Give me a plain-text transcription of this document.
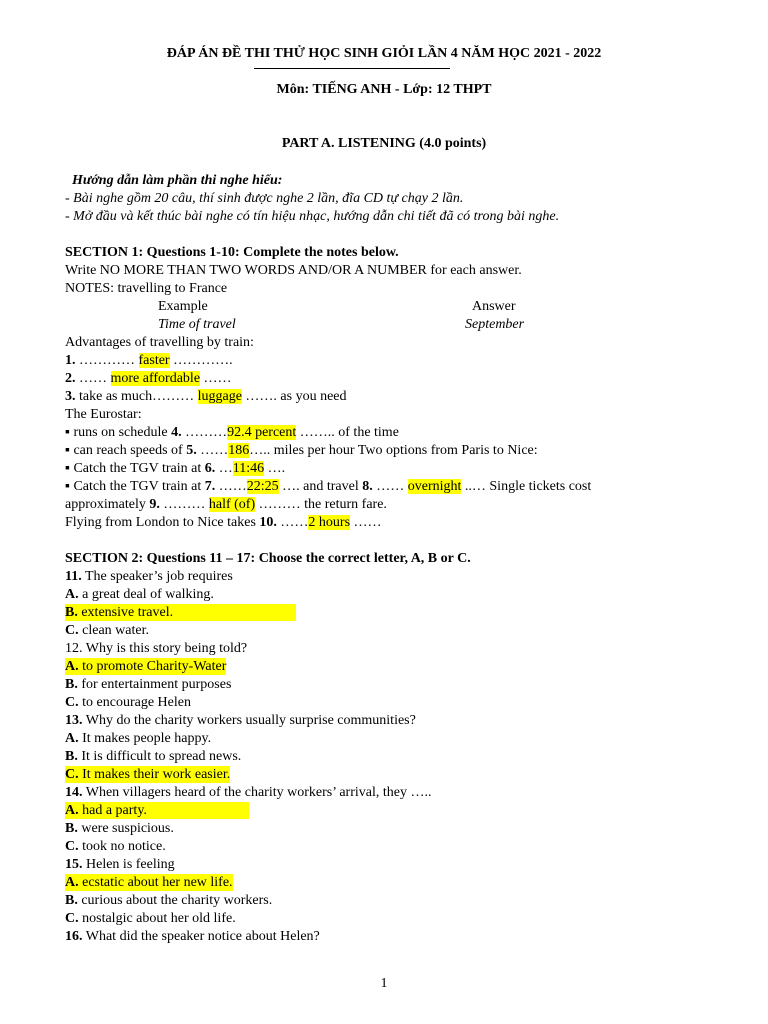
ĐÁP ÁN ĐỀ THI THỬ HỌC SINH GIỎI LẦN 4 NĂM HỌC 2021 - 2022
Môn: TIẾNG ANH - Lớp: 12 THPT
PART A. LISTENING (4.0 points)
Hướng dẫn làm phần thi nghe hiểu:
- Bài nghe gồm 20 câu, thí sinh được nghe 2 lần, đĩa CD tự chạy 2 lần.
- Mở đầu và kết thúc bài nghe có tín hiệu nhạc, hướng dẫn chi tiết đã có trong bài nghe.
SECTION 1: Questions 1-10: Complete the notes below.
Write NO MORE THAN TWO WORDS AND/OR A NUMBER for each answer.
NOTES: travelling to France
Example	Answer
Time of travel	September
Advantages of travelling by train:
1. ………… faster ………….
2. …… more affordable ……
3. take as much……… luggage ……. as you need
The Eurostar:
▪ runs on schedule 4. ………92.4 percent …….. of the time
▪ can reach speeds of 5. ……186….. miles per hour Two options from Paris to Nice:
▪ Catch the TGV train at 6. …11:46 ….
▪ Catch the TGV train at 7. ……22:25 …. and travel 8. …… overnight ..… Single tickets cost
approximately 9. ……… half (of) ……… the return fare.
Flying from London to Nice takes 10. ……2 hours ……
SECTION 2: Questions 11 – 17: Choose the correct letter, A, B or C.
11. The speaker’s job requires
A. a great deal of walking.
B. extensive travel.
C. clean water.
12. Why is this story being told?
A. to promote Charity-Water
B. for entertainment purposes
C. to encourage Helen
13. Why do the charity workers usually surprise communities?
A. It makes people happy.
B. It is difficult to spread news.
C. It makes their work easier.
14. When villagers heard of the charity workers’ arrival, they …..
A. had a party.
B. were suspicious.
C. took no notice.
15. Helen is feeling
A. ecstatic about her new life.
B. curious about the charity workers.
C. nostalgic about her old life.
16. What did the speaker notice about Helen?
1
